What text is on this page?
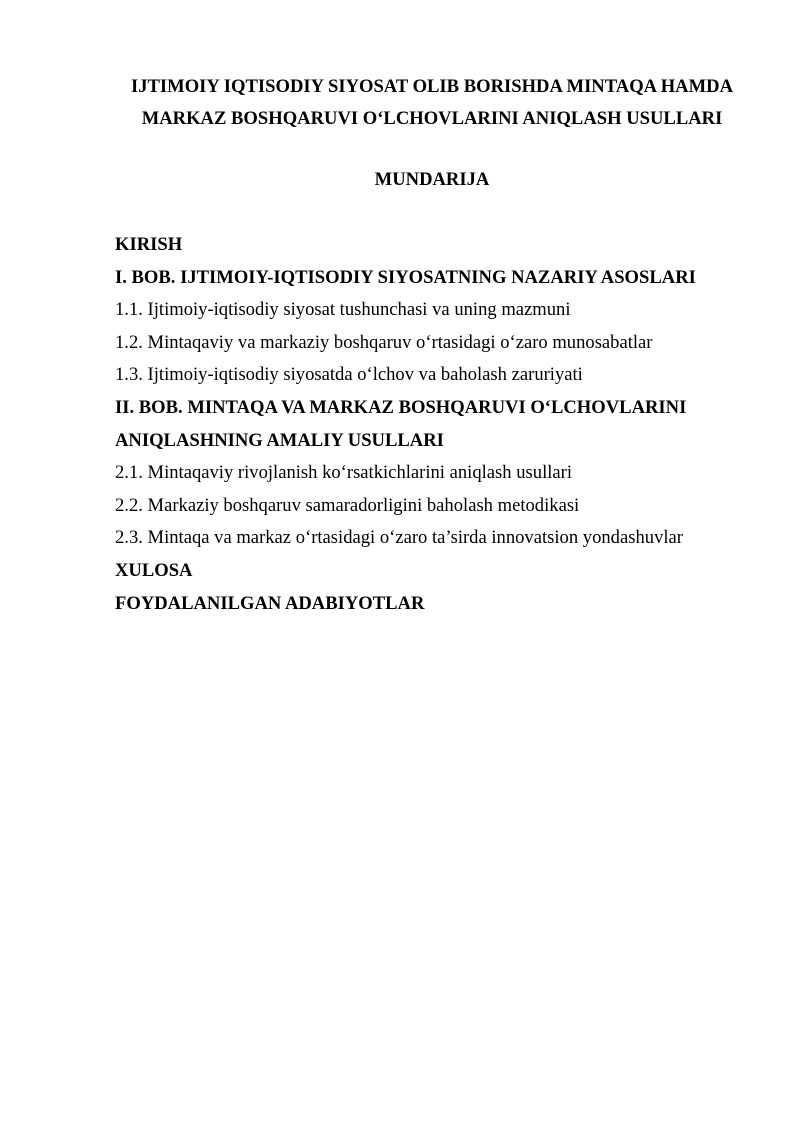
IJTIMOIY IQTISODIY SIYOSAT OLIB BORISHDA MINTAQA HAMDA
MARKAZ BOSHQARUVI O‘LCHOVLARINI ANIQLASH USULLARI
MUNDARIJA
KIRISH
I. BOB. IJTIMOIY-IQTISODIY SIYOSATNING NAZARIY ASOSLARI
1.1. Ijtimoiy-iqtisodiy siyosat tushunchasi va uning mazmuni
1.2. Mintaqaviy va markaziy boshqaruv o‘rtasidagi o‘zaro munosabatlar
1.3. Ijtimoiy-iqtisodiy siyosatda o‘lchov va baholash zaruriyati
II. BOB. MINTAQA VA MARKAZ BOSHQARUVI O‘LCHOVLARINI
ANIQLASHNING AMALIY USULLARI
2.1. Mintaqaviy rivojlanish ko‘rsatkichlarini aniqlash usullari
2.2. Markaziy boshqaruv samaradorligini baholash metodikasi
2.3. Mintaqa va markaz o‘rtasidagi o‘zaro ta’sirda innovatsion yondashuvlar
XULOSA
FOYDALANILGAN ADABIYOTLAR
